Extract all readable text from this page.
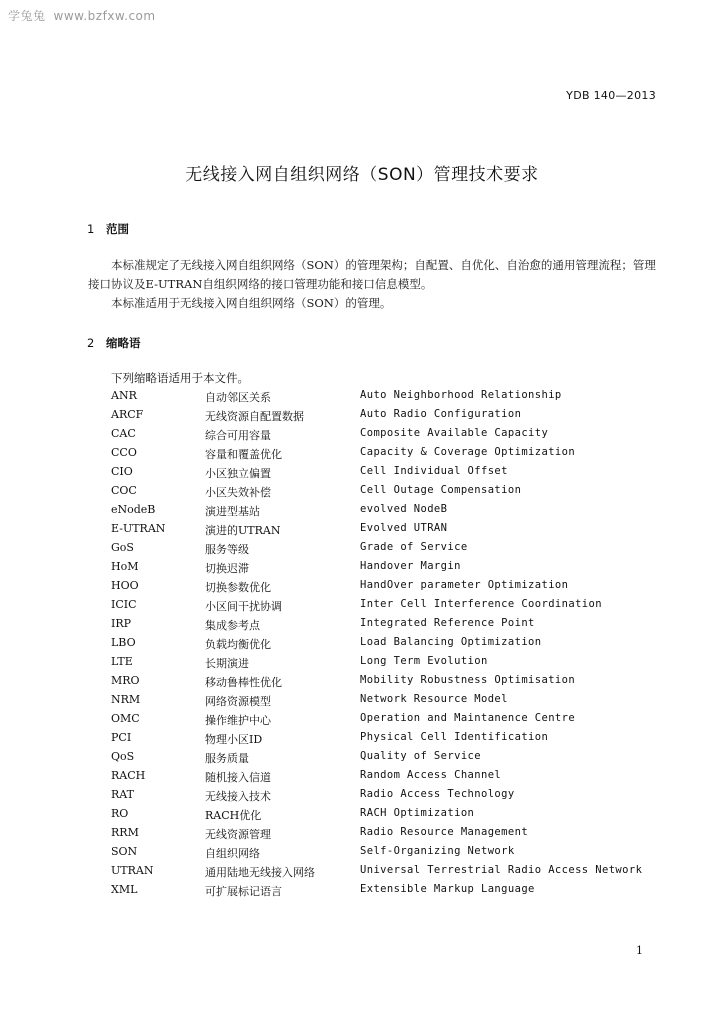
学兔兔 www.bzfxw.com
YDB 140—2013
无线接入网自组织网络（SON）管理技术要求
1 范围

本标准规定了无线接入网自组织网络（SON）的管理架构；自配置、自优化、自治愈的通用管理流程；管理接口协议及E-UTRAN自组织网络的接口管理功能和接口信息模型。

本标准适用于无线接入网自组织网络（SON）的管理。

2 缩略语
下列缩略语适用于本文件。
ANR	自动邻区关系	Auto Neighborhood Relationship
ARCF	无线资源自配置数据	Auto Radio Configuration
CAC	综合可用容量	Composite Available Capacity
CCO	容量和覆盖优化	Capacity & Coverage Optimization
CIO	小区独立偏置	Cell Individual Offset
COC	小区失效补偿	Cell Outage Compensation
eNodeB	演进型基站	evolved NodeB
E-UTRAN	演进的UTRAN	Evolved UTRAN
GoS	服务等级	Grade of Service
HoM	切换迟滞	Handover Margin
HOO	切换参数优化	HandOver parameter Optimization
ICIC	小区间干扰协调	Inter Cell Interference Coordination
IRP	集成参考点	Integrated Reference Point
LBO	负载均衡优化	Load Balancing Optimization
LTE	长期演进	Long Term Evolution
MRO	移动鲁棒性优化	Mobility Robustness Optimisation
NRM	网络资源模型	Network Resource Model
OMC	操作维护中心	Operation and Maintanence Centre
PCI	物理小区ID	Physical Cell Identification
QoS	服务质量	Quality of Service
RACH	随机接入信道	Random Access Channel
RAT	无线接入技术	Radio Access Technology
RO	RACH优化	RACH Optimization
RRM	无线资源管理	Radio Resource Management
SON	自组织网络	Self-Organizing Network
UTRAN	通用陆地无线接入网络	Universal Terrestrial Radio Access Network
XML	可扩展标记语言	Extensible Markup Language
1
